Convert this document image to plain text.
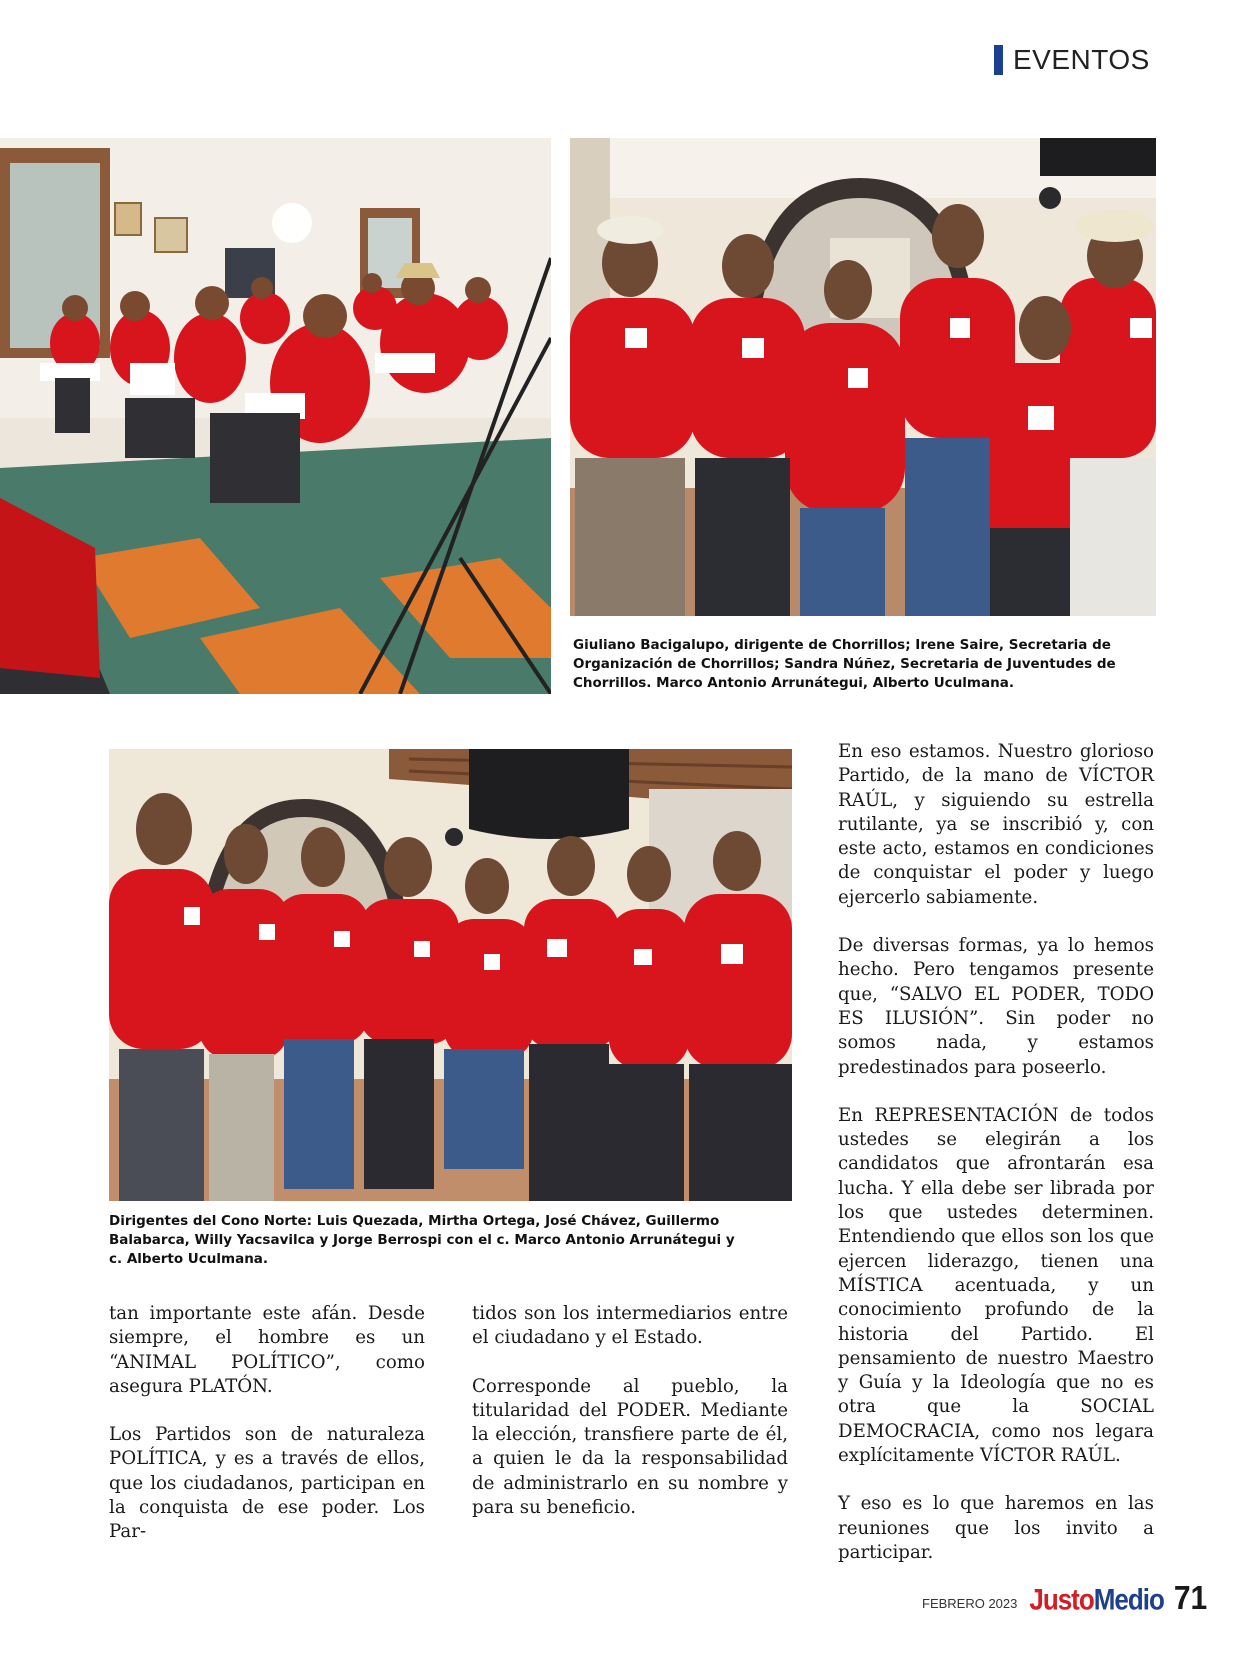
EVENTOS

Giuliano Bacigalupo, dirigente de Chorrillos; Irene Saire, Secretaria de Organización de Chorrillos; Sandra Núñez, Secretaria de Juventudes de Chorrillos. Marco Antonio Arrunátegui, Alberto Uculmana.

Dirigentes del Cono Norte: Luis Quezada, Mirtha Ortega, José Chávez, Guillermo Balabarca, Willy Yacsavilca y Jorge Berrospi con el c. Marco Antonio Arrunátegui y c. Alberto Uculmana.

tan importante este afán. Desde siempre, el hombre es un “ANIMAL POLÍTICO”, como asegura PLATÓN.

Los Partidos son de naturaleza POLÍTICA, y es a través de ellos, que los ciudadanos, participan en la conquista de ese poder. Los Par-

tidos son los intermediarios entre el ciudadano y el Estado.

Corresponde al pueblo, la titularidad del PODER. Mediante la elección, transfiere parte de él, a quien le da la responsabilidad de administrarlo en su nombre y para su beneficio.

En eso estamos. Nuestro glorioso Partido, de la mano de VÍCTOR RAÚL, y siguiendo su estrella rutilante, ya se inscribió y, con este acto, estamos en condiciones de conquistar el poder y luego ejercerlo sabiamente.

De diversas formas, ya lo hemos hecho. Pero tengamos presente que, “SALVO EL PODER, TODO ES ILUSIÓN”. Sin poder no somos nada, y estamos predestinados para poseerlo.

En REPRESENTACIÓN de todos ustedes se elegirán a los candidatos que afrontarán esa lucha. Y ella debe ser librada por los que ustedes determinen. Entendiendo que ellos son los que ejercen liderazgo, tienen una MÍSTICA acentuada, y un conocimiento profundo de la historia del Partido. El pensamiento de nuestro Maestro y Guía y la Ideología que no es otra que la SOCIAL DEMOCRACIA, como nos legara explícitamente VÍCTOR RAÚL.

Y eso es lo que haremos en las reuniones que los invito a participar.

FEBRERO 2023 JustoMedio 71
